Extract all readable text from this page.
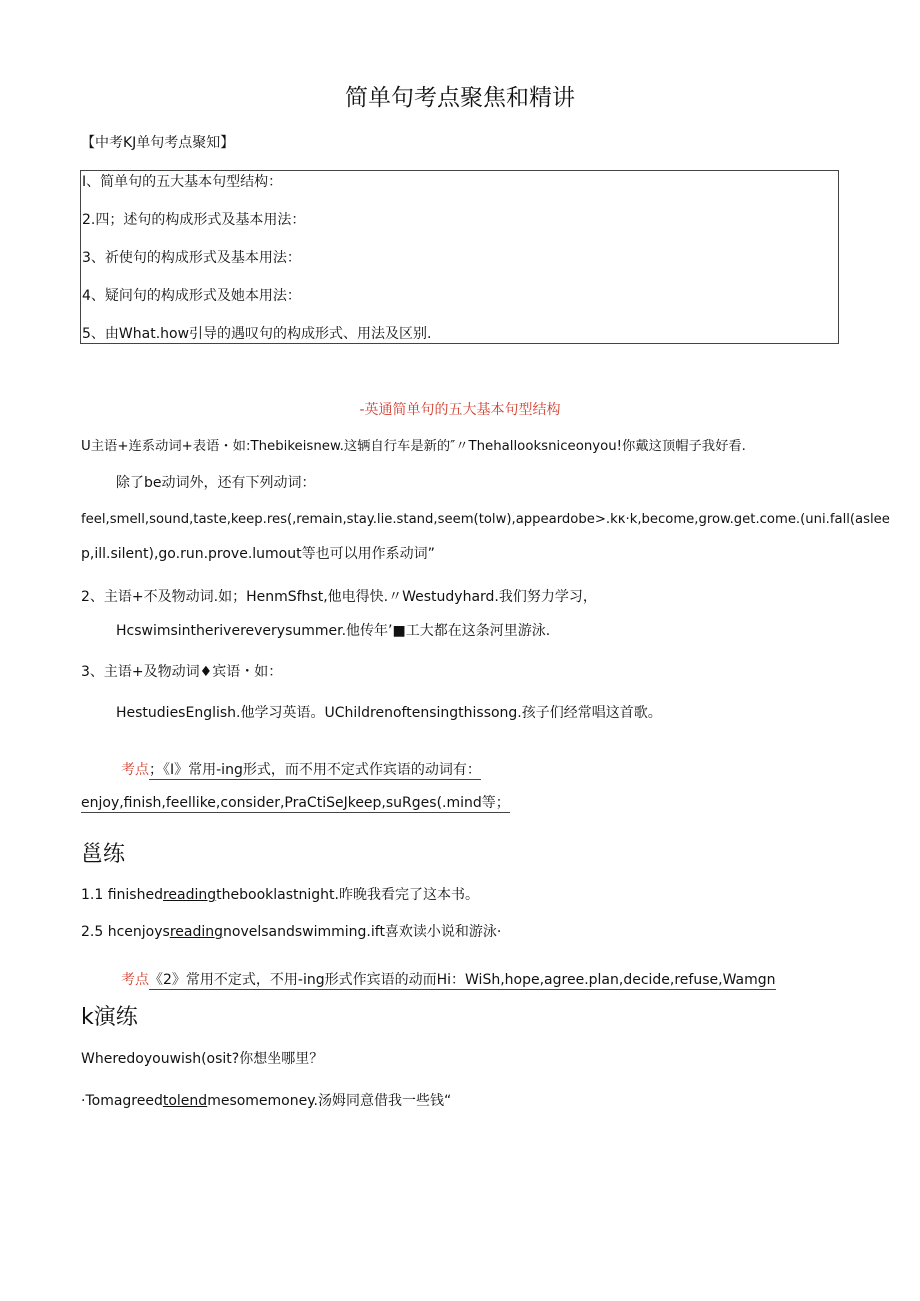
简单句考点聚焦和精讲
【中考KJ单句考点聚知】
I、简单句的五大基本句型结构：
2.四；述句的构成形式及基本用法：
3、祈使句的构成形式及基本用法：
4、疑问句的构成形式及她本用法：
5、由What.how引导的遇叹句的构成形式、用法及区别.
-英通简单句的五大基本句型结构
U主语+连系动词+表语・如:Thebikeisnew.这辆自行车是新的″〃Thehallooksniceonyou!你戴这顶帽子我好看.
除了be动词外，还有下列动词：
feel,smell,sound,taste,keep.res(,remain,stay.lie.stand,seem(tolw),appeardobe>.kκ·k,become,grow.get.come.(uni.fall(aslee
p,ill.silent),go.run.prove.lumout等也可以用作系动词”
2、主语+不及物动词.如；HenmSfhst,他电得快.〃Westudyhard.我们努力学习，
Hcswimsintherivereverysummer.他传年’■工大都在这条河里游泳.
3、主语+及物动词♦宾语・如：
HestudiesEnglish.他学习英语。UChildrenoftensingthissong.孩子们经常唱这首歌。
考点；《I》常用-ing形式，而不用不定式作宾语的动词有：
enjoy,finish,feellike,consider,PraCtiSeJkeep,suRges(.mind等；
邕练
1.1 finishedreadingthebooklastnight.昨晚我看完了这本书。
2.5 hcenjoysreadingnovelsandswimming.ift喜欢读小说和游泳·
考点《2》常用不定式，不用-ing形式作宾语的动而Hi：WiSh,hope,agree.plan,decide,refuse,Wamgn
k演练
Wheredoyouwish(osit?你想坐哪里？
·Tomagreedtolendmesomemoney.汤姆同意借我一些钱“
